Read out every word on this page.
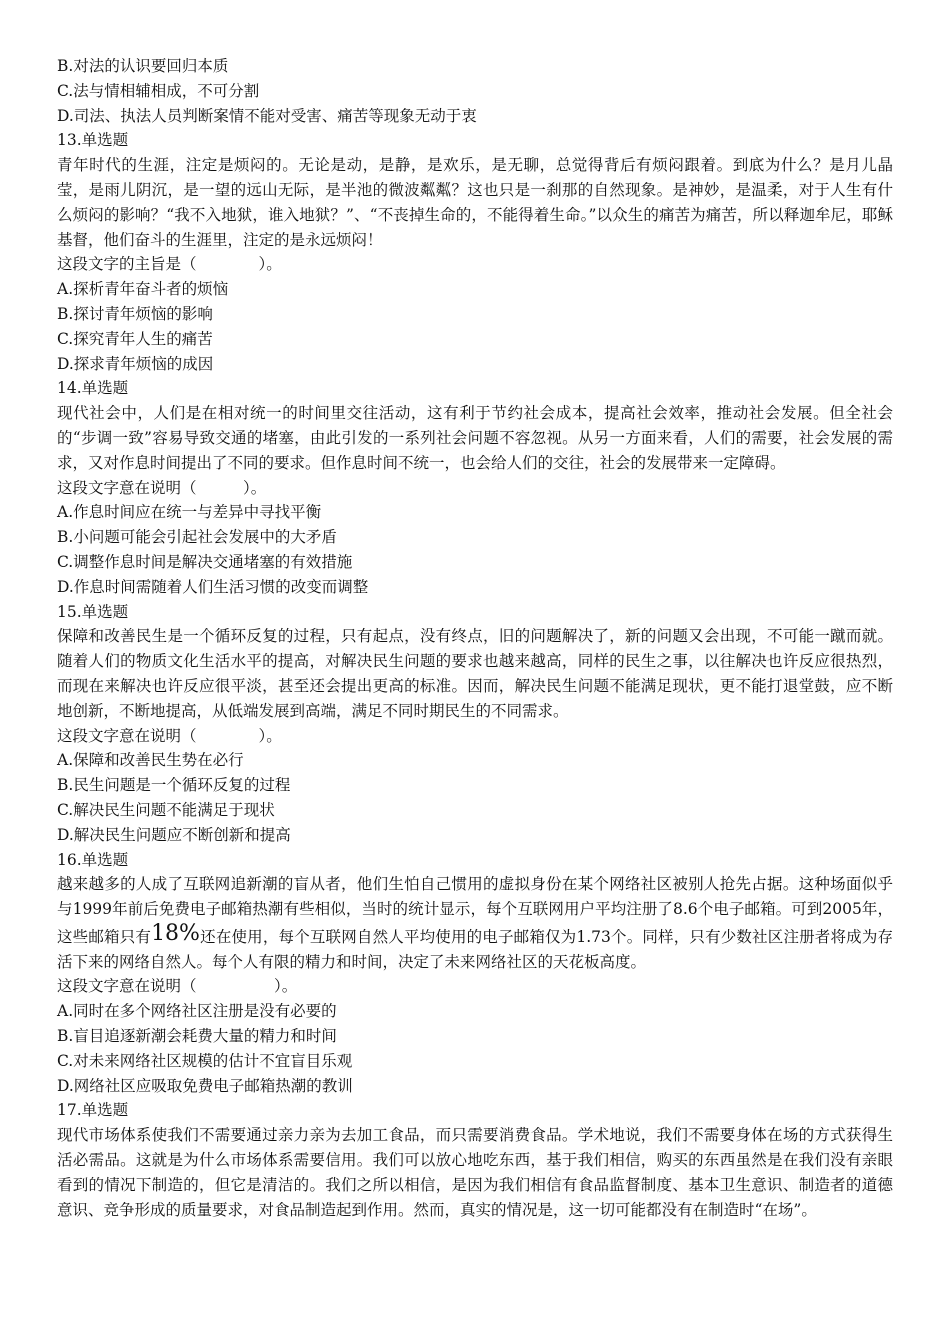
B.对法的认识要回归本质
C.法与情相辅相成，不可分割
D.司法、执法人员判断案情不能对受害、痛苦等现象无动于衷
13.单选题

青年时代的生涯，注定是烦闷的。无论是动，是静，是欢乐，是无聊，总觉得背后有烦闷跟着。到底为什么？是月儿晶莹，是雨儿阴沉，是一望的远山无际，是半池的微波粼粼？这也只是一刹那的自然现象。是神妙，是温柔，对于人生有什么烦闷的影响？“我不入地狱，谁入地狱？”、“不丧掉生命的，不能得着生命。”以众生的痛苦为痛苦，所以释迦牟尼，耶稣基督，他们奋斗的生涯里，注定的是永远烦闷！

这段文字的主旨是（　　　　）。
A.探析青年奋斗者的烦恼
B.探讨青年烦恼的影响
C.探究青年人生的痛苦
D.探求青年烦恼的成因
14.单选题

现代社会中，人们是在相对统一的时间里交往活动，这有利于节约社会成本，提高社会效率，推动社会发展。但全社会的“步调一致”容易导致交通的堵塞，由此引发的一系列社会问题不容忽视。从另一方面来看，人们的需要，社会发展的需求，又对作息时间提出了不同的要求。但作息时间不统一，也会给人们的交往，社会的发展带来一定障碍。

这段文字意在说明（　　　）。
A.作息时间应在统一与差异中寻找平衡
B.小问题可能会引起社会发展中的大矛盾
C.调整作息时间是解决交通堵塞的有效措施
D.作息时间需随着人们生活习惯的改变而调整
15.单选题

保障和改善民生是一个循环反复的过程，只有起点，没有终点，旧的问题解决了，新的问题又会出现，不可能一蹴而就。随着人们的物质文化生活水平的提高，对解决民生问题的要求也越来越高，同样的民生之事，以往解决也许反应很热烈，而现在来解决也许反应很平淡，甚至还会提出更高的标准。因而，解决民生问题不能满足现状，更不能打退堂鼓，应不断地创新，不断地提高，从低端发展到高端，满足不同时期民生的不同需求。

这段文字意在说明（　　　　）。
A.保障和改善民生势在必行
B.民生问题是一个循环反复的过程
C.解决民生问题不能满足于现状
D.解决民生问题应不断创新和提高
16.单选题

越来越多的人成了互联网追新潮的盲从者，他们生怕自己惯用的虚拟身份在某个网络社区被别人抢先占据。这种场面似乎与1999年前后免费电子邮箱热潮有些相似，当时的统计显示，每个互联网用户平均注册了8.6个电子邮箱。可到2005年，这些邮箱只有18%还在使用，每个互联网自然人平均使用的电子邮箱仅为1.73个。同样，只有少数社区注册者将成为存活下来的网络自然人。每个人有限的精力和时间，决定了未来网络社区的天花板高度。

这段文字意在说明（　　　　　）。
A.同时在多个网络社区注册是没有必要的
B.盲目追逐新潮会耗费大量的精力和时间
C.对未来网络社区规模的估计不宜盲目乐观
D.网络社区应吸取免费电子邮箱热潮的教训
17.单选题

现代市场体系使我们不需要通过亲力亲为去加工食品，而只需要消费食品。学术地说，我们不需要身体在场的方式获得生活必需品。这就是为什么市场体系需要信用。我们可以放心地吃东西，基于我们相信，购买的东西虽然是在我们没有亲眼看到的情况下制造的，但它是清洁的。我们之所以相信，是因为我们相信有食品监督制度、基本卫生意识、制造者的道德意识、竞争形成的质量要求，对食品制造起到作用。然而，真实的情况是，这一切可能都没有在制造时“在场”。
